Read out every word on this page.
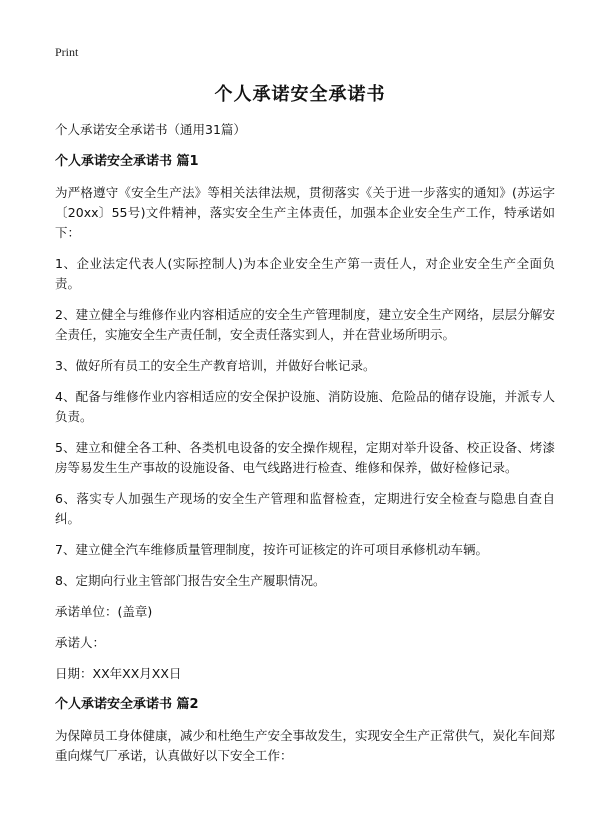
Print
个人承诺安全承诺书

个人承诺安全承诺书（通用31篇）

个人承诺安全承诺书 篇1

为严格遵守《安全生产法》等相关法律法规，贯彻落实《关于进一步落实的通知》(苏运字〔20xx〕55号)文件精神，落实安全生产主体责任，加强本企业安全生产工作，特承诺如下：

1、企业法定代表人(实际控制人)为本企业安全生产第一责任人，对企业安全生产全面负责。

2、建立健全与维修作业内容相适应的安全生产管理制度，建立安全生产网络，层层分解安全责任，实施安全生产责任制，安全责任落实到人，并在营业场所明示。

3、做好所有员工的安全生产教育培训，并做好台帐记录。

4、配备与维修作业内容相适应的安全保护设施、消防设施、危险品的储存设施，并派专人负责。

5、建立和健全各工种、各类机电设备的安全操作规程，定期对举升设备、校正设备、烤漆房等易发生生产事故的设施设备、电气线路进行检查、维修和保养，做好检修记录。

6、落实专人加强生产现场的安全生产管理和监督检查，定期进行安全检查与隐患自查自纠。

7、建立健全汽车维修质量管理制度，按许可证核定的许可项目承修机动车辆。

8、定期向行业主管部门报告安全生产履职情况。

承诺单位：(盖章)

承诺人：

日期：XX年XX月XX日

个人承诺安全承诺书 篇2

为保障员工身体健康，减少和杜绝生产安全事故发生，实现安全生产正常供气，炭化车间郑重向煤气厂承诺，认真做好以下安全工作：
